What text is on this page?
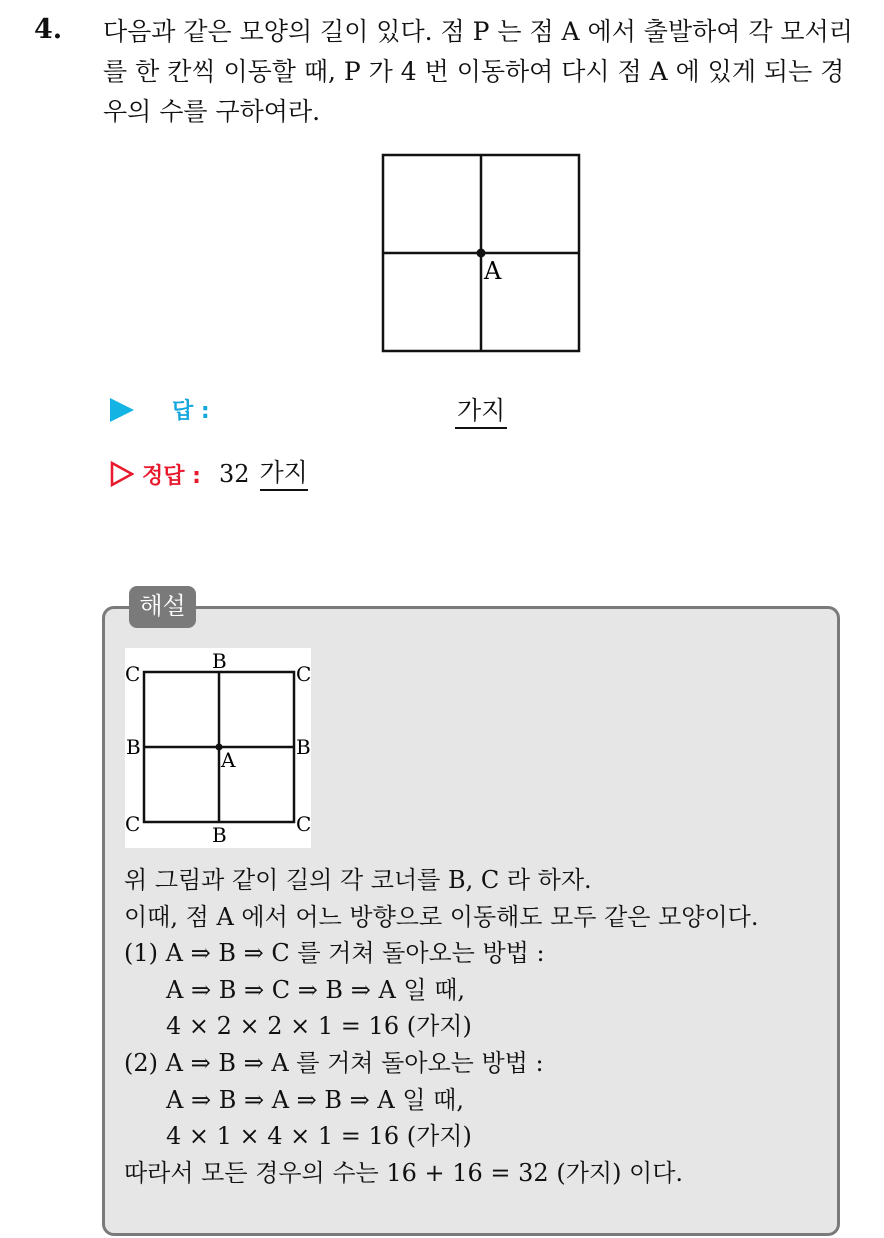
4. 다음과 같은 모양의 길이 있다. 점 P 는 점 A 에서 출발하여 각 모서리를 한 칸씩 이동할 때, P 가 4 번 이동하여 다시 점 A 에 있게 되는 경우의 수를 구하여라.
A
답 :	가지
정답 : 32 가지
해설
A
C	C
C	C
B
B
B	B
위 그림과 같이 길의 각 코너를 B, C 라 하자.
이때, 점 A 에서 어느 방향으로 이동해도 모두 같은 모양이다.
(1) A ⇒ B ⇒ C 를 거쳐 돌아오는 방법 :
A ⇒ B ⇒ C ⇒ B ⇒ A 일 때,
4 × 2 × 2 × 1 = 16 (가지)
(2) A ⇒ B ⇒ A 를 거쳐 돌아오는 방법 :
A ⇒ B ⇒ A ⇒ B ⇒ A 일 때,
4 × 1 × 4 × 1 = 16 (가지)
따라서 모든 경우의 수는 16 + 16 = 32 (가지) 이다.
